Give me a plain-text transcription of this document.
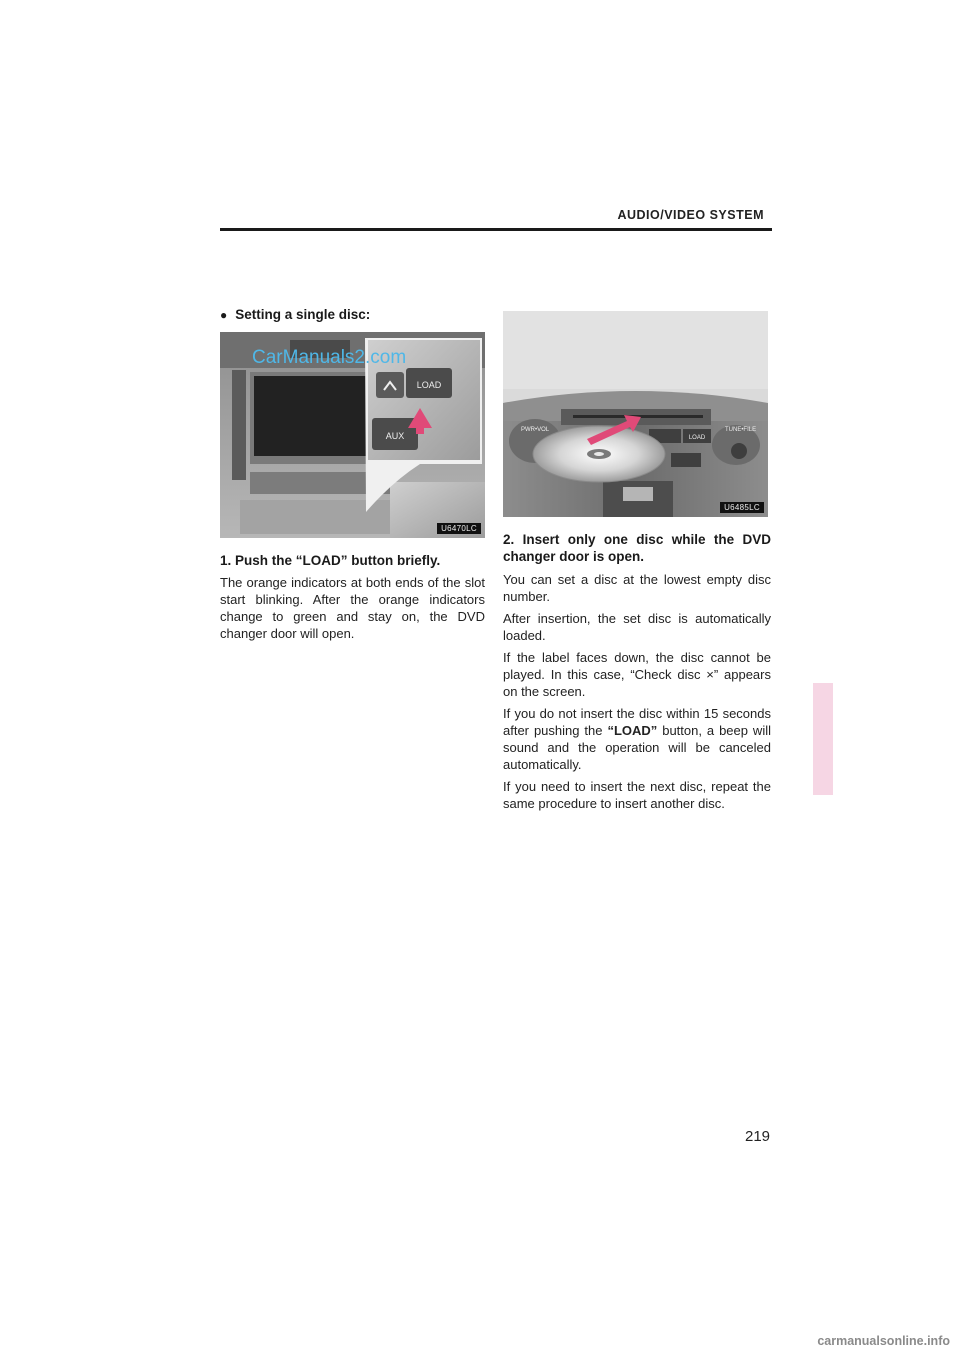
AUDIO/VIDEO SYSTEM
● Setting a single disc:
LOAD
AUX
CarManuals2.com
U6470LC
1. Push the “LOAD” button briefly.
The orange indicators at both ends of the slot start blinking. After the orange indicators change to green and stay on, the DVD changer door will open.
LOAD
PWR•VOL	TUNE•FILE
U6485LC
2. Insert only one disc while the DVD changer door is open.
You can set a disc at the lowest empty disc number.
After insertion, the set disc is automatically loaded.
If the label faces down, the disc cannot be played. In this case, “Check disc ×” appears on the screen.
If you do not insert the disc within 15 seconds after pushing the “LOAD” button, a beep will sound and the operation will be canceled automatically.
If you need to insert the next disc, repeat the same procedure to insert another disc.
219
carmanualsonline.info
